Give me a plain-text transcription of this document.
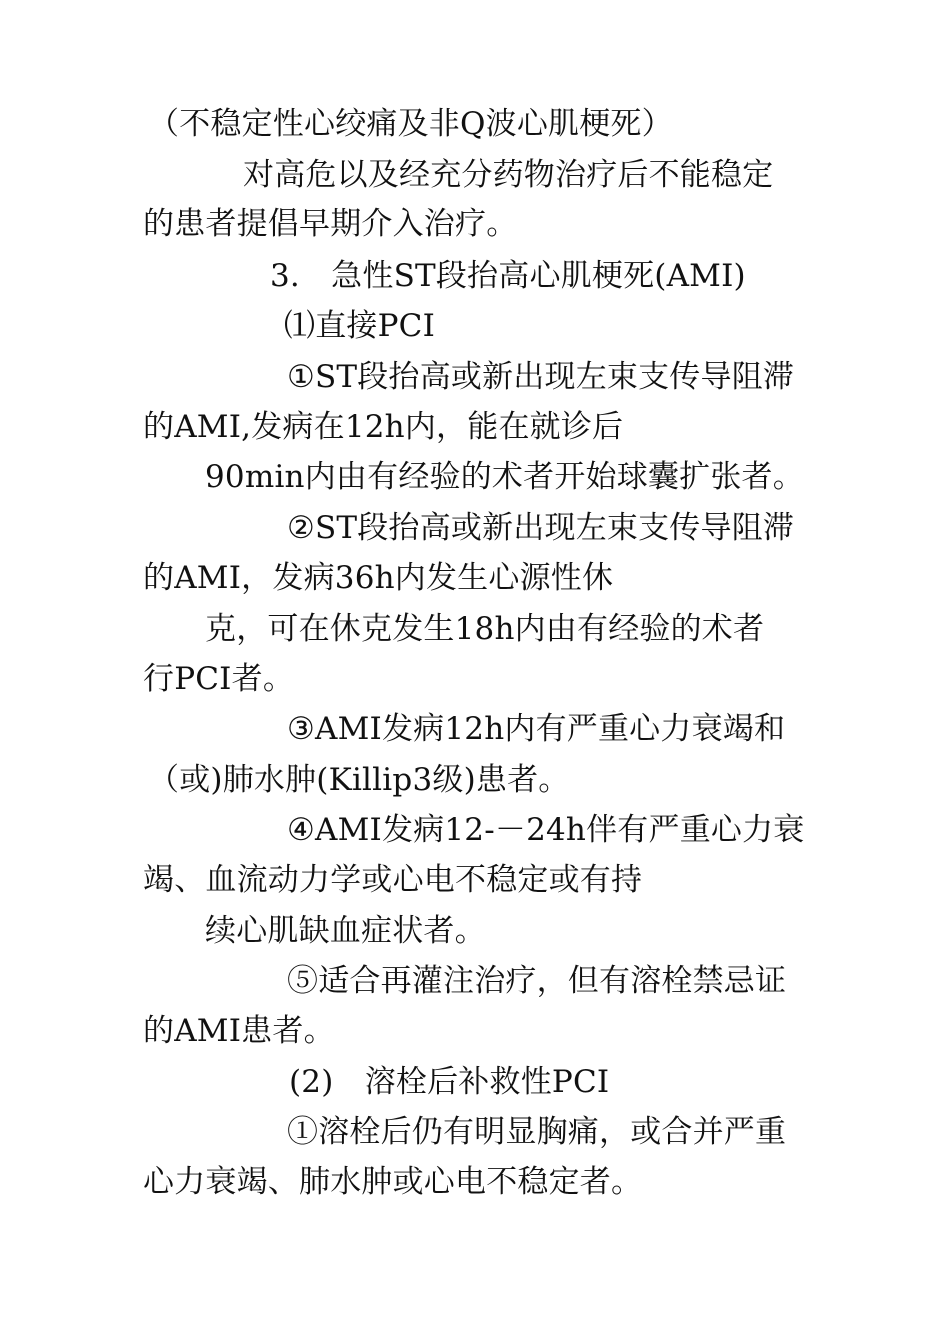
（不稳定性心绞痛及非Q波心肌梗死）
对高危以及经充分药物治疗后不能稳定
的患者提倡早期介入治疗。
3.　急性ST段抬高心肌梗死(AMI)
⑴直接PCI
①ST段抬高或新出现左束支传导阻滞
的AMI,发病在12h内，能在就诊后
90min内由有经验的术者开始球囊扩张者。
②ST段抬高或新出现左束支传导阻滞
的AMI，发病36h内发生心源性休
克，可在休克发生18h内由有经验的术者
行PCI者。
③AMI发病12h内有严重心力衰竭和
（或)肺水肿(Killip3级)患者。
④AMI发病12-－24h伴有严重心力衰
竭、血流动力学或心电不稳定或有持
续心肌缺血症状者。
⑤适合再灌注治疗，但有溶栓禁忌证
的AMI患者。
(2)　溶栓后补救性PCI
①溶栓后仍有明显胸痛，或合并严重
心力衰竭、肺水肿或心电不稳定者。
